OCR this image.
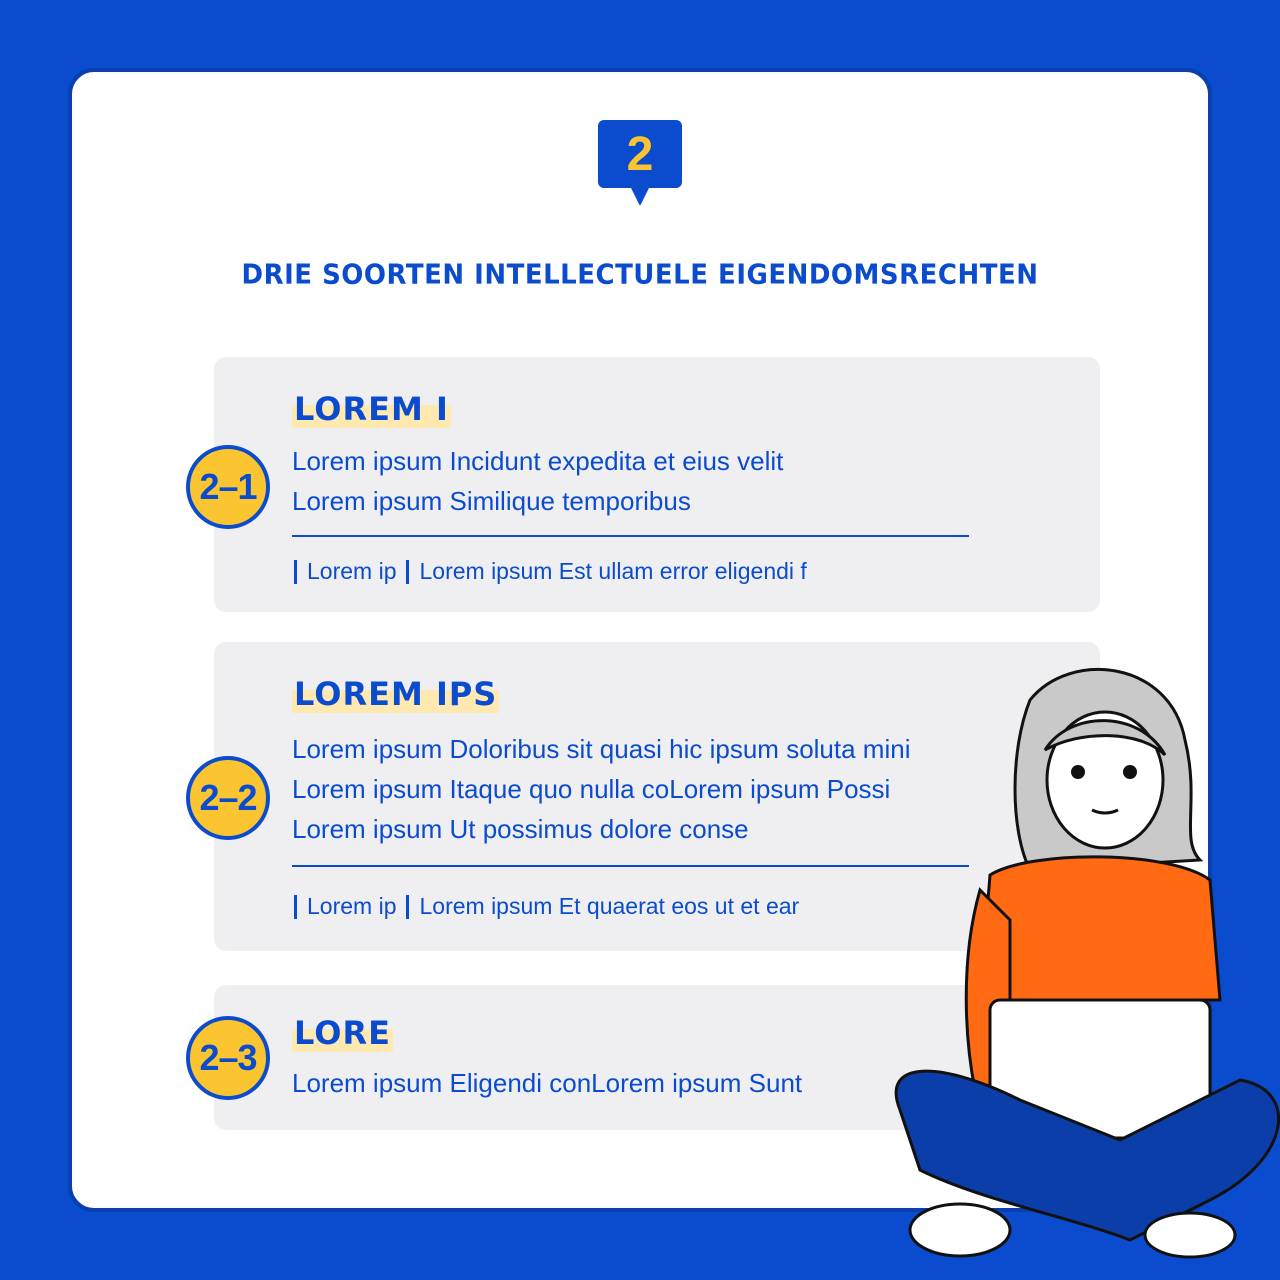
2
DRIE SOORTEN INTELLECTUELE EIGENDOMSRECHTEN
2–1
LOREM I
Lorem ipsum Incidunt expedita et eius velit
Lorem ipsum Similique temporibus
Lorem ip Lorem ipsum Est ullam error eligendi f
2–2
LOREM IPS
Lorem ipsum Doloribus sit quasi hic ipsum soluta mini
Lorem ipsum Itaque quo nulla coLorem ipsum Possi
Lorem ipsum Ut possimus dolore conse
Lorem ip Lorem ipsum Et quaerat eos ut et ear
2–3
LORE
Lorem ipsum Eligendi conLorem ipsum Sunt
